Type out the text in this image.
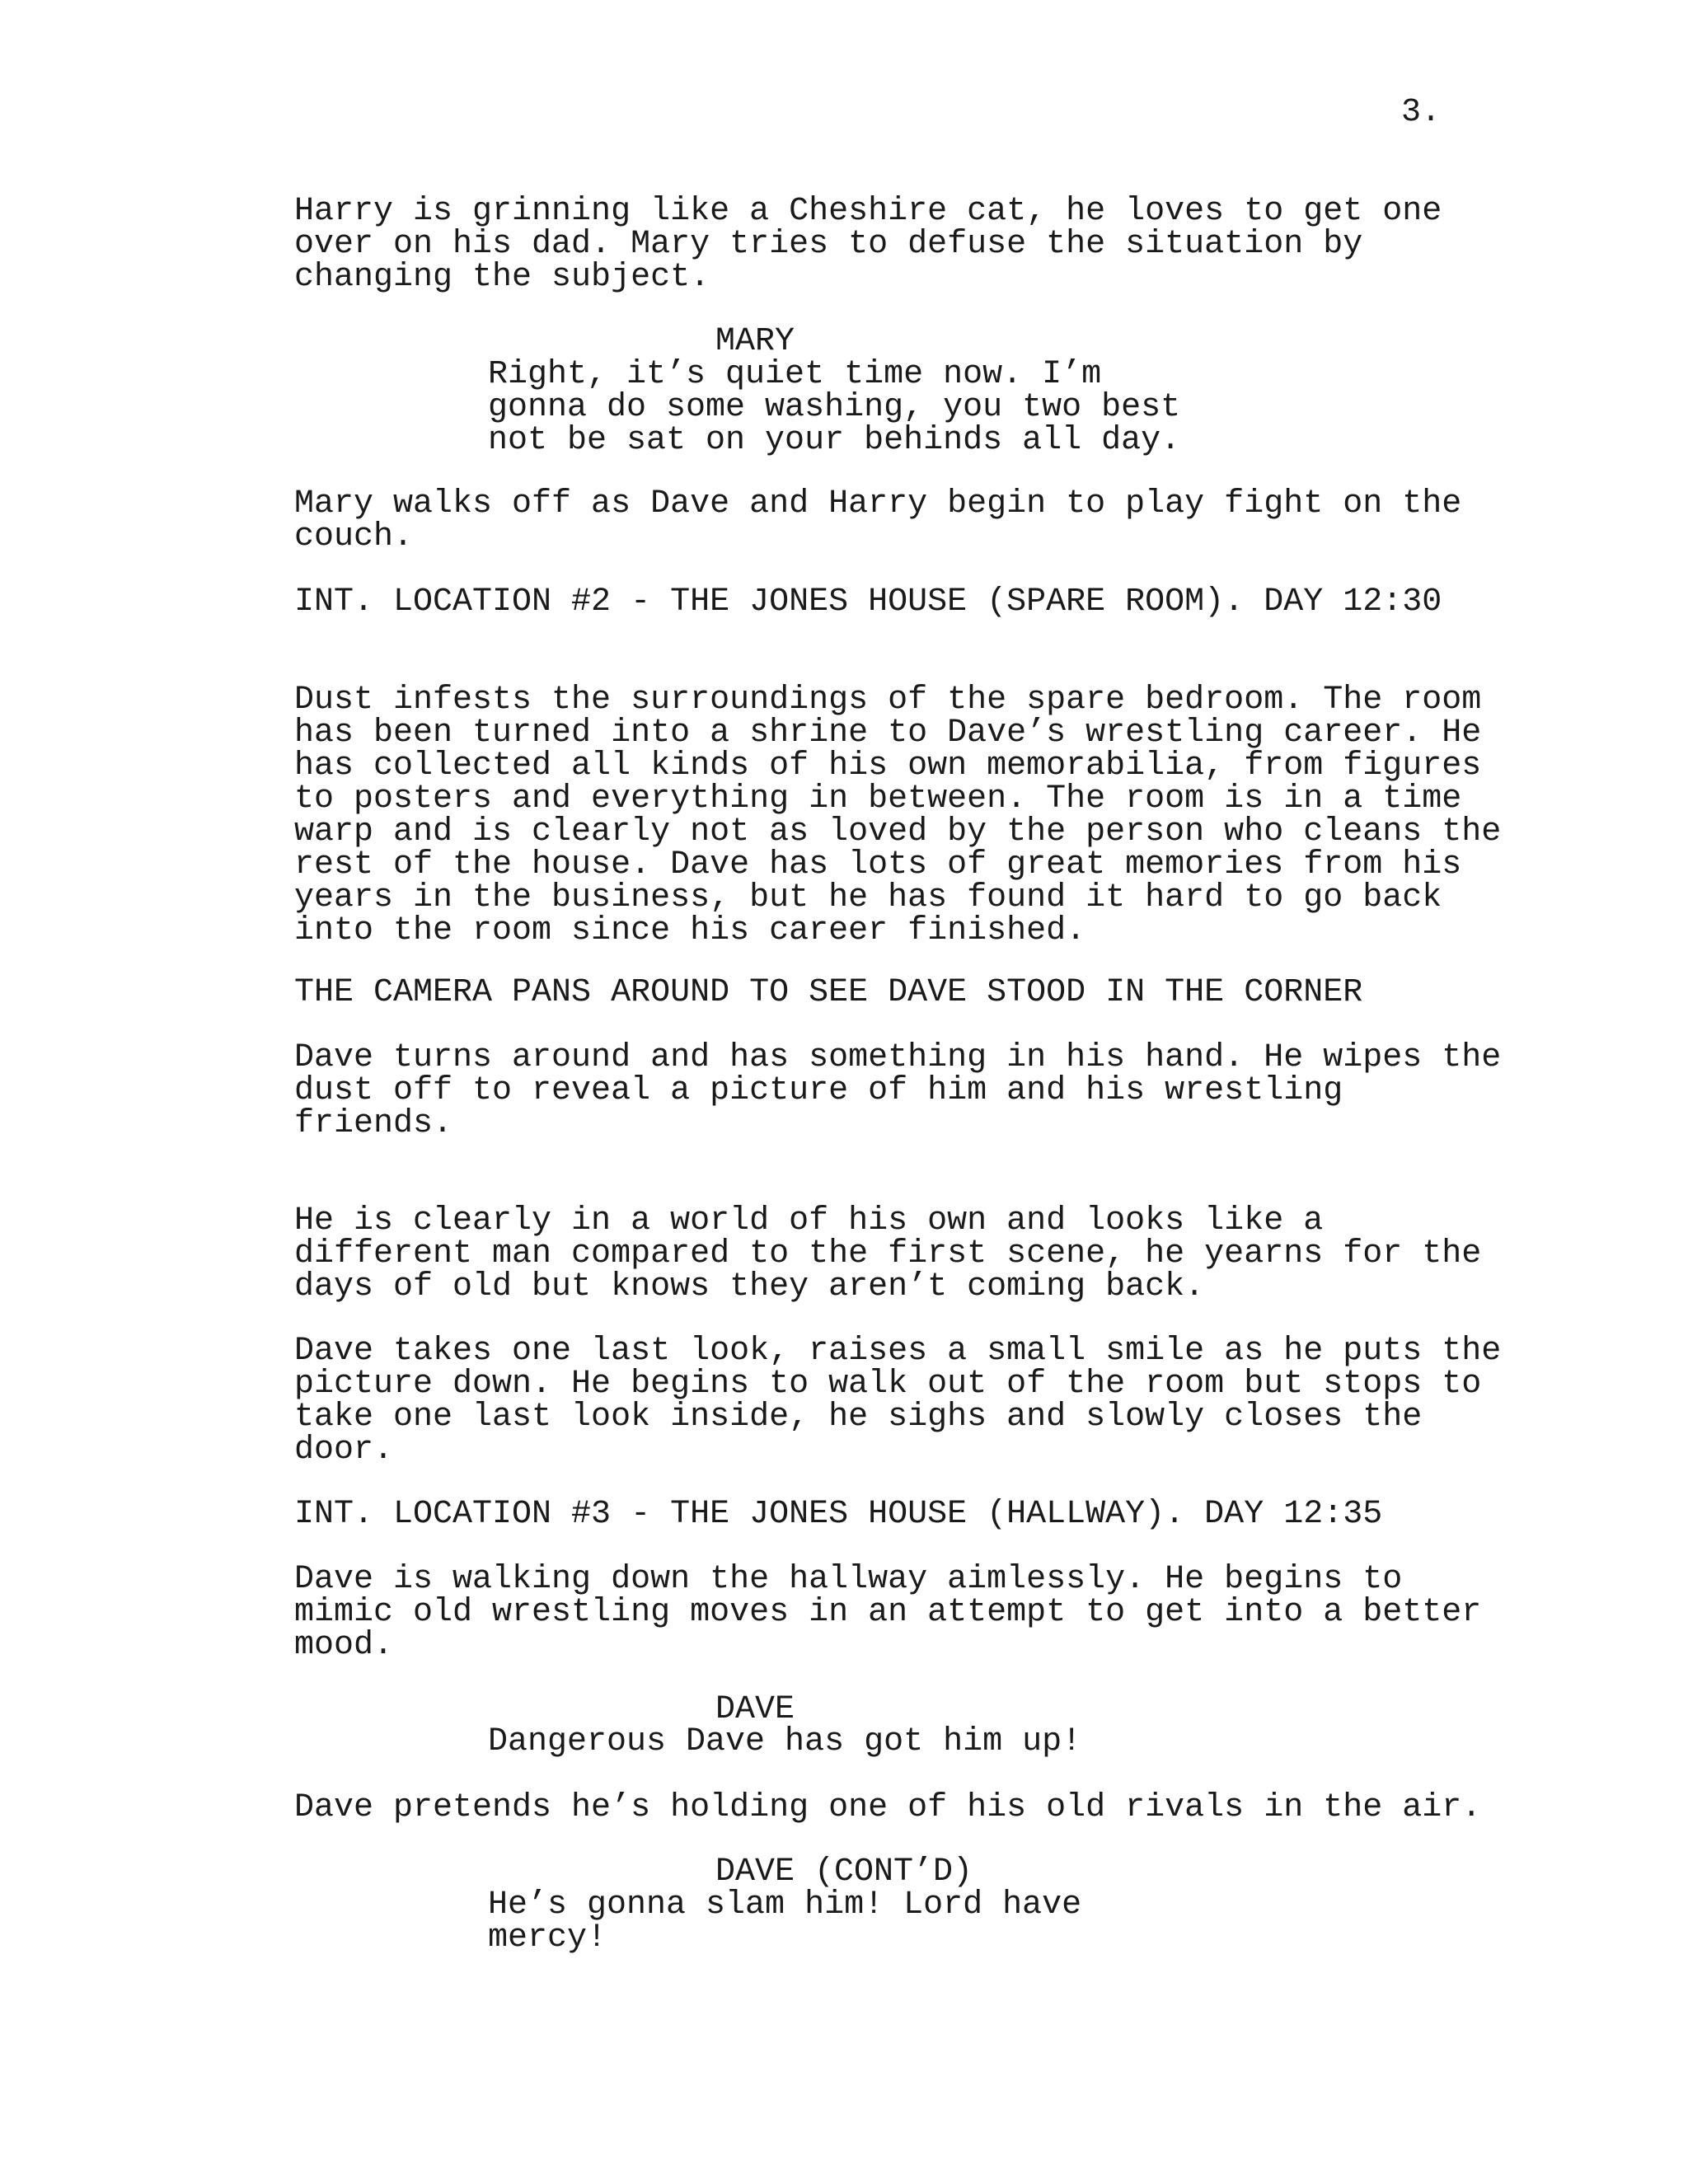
3.

Harry is grinning like a Cheshire cat, he loves to get one
over on his dad. Mary tries to defuse the situation by
changing the subject.

MARY

Right, it’s quiet time now. I’m
gonna do some washing, you two best
not be sat on your behinds all day.

Mary walks off as Dave and Harry begin to play fight on the
couch.

INT. LOCATION #2 - THE JONES HOUSE (SPARE ROOM). DAY 12:30

Dust infests the surroundings of the spare bedroom. The room
has been turned into a shrine to Dave’s wrestling career. He
has collected all kinds of his own memorabilia, from figures
to posters and everything in between. The room is in a time
warp and is clearly not as loved by the person who cleans the
rest of the house. Dave has lots of great memories from his
years in the business, but he has found it hard to go back
into the room since his career finished.

THE CAMERA PANS AROUND TO SEE DAVE STOOD IN THE CORNER

Dave turns around and has something in his hand. He wipes the
dust off to reveal a picture of him and his wrestling
friends.

He is clearly in a world of his own and looks like a
different man compared to the first scene, he yearns for the
days of old but knows they aren’t coming back.

Dave takes one last look, raises a small smile as he puts the
picture down. He begins to walk out of the room but stops to
take one last look inside, he sighs and slowly closes the
door.

INT. LOCATION #3 - THE JONES HOUSE (HALLWAY). DAY 12:35

Dave is walking down the hallway aimlessly. He begins to
mimic old wrestling moves in an attempt to get into a better
mood.

DAVE

Dangerous Dave has got him up!

Dave pretends he’s holding one of his old rivals in the air.

DAVE (CONT’D)

He’s gonna slam him! Lord have
mercy!
